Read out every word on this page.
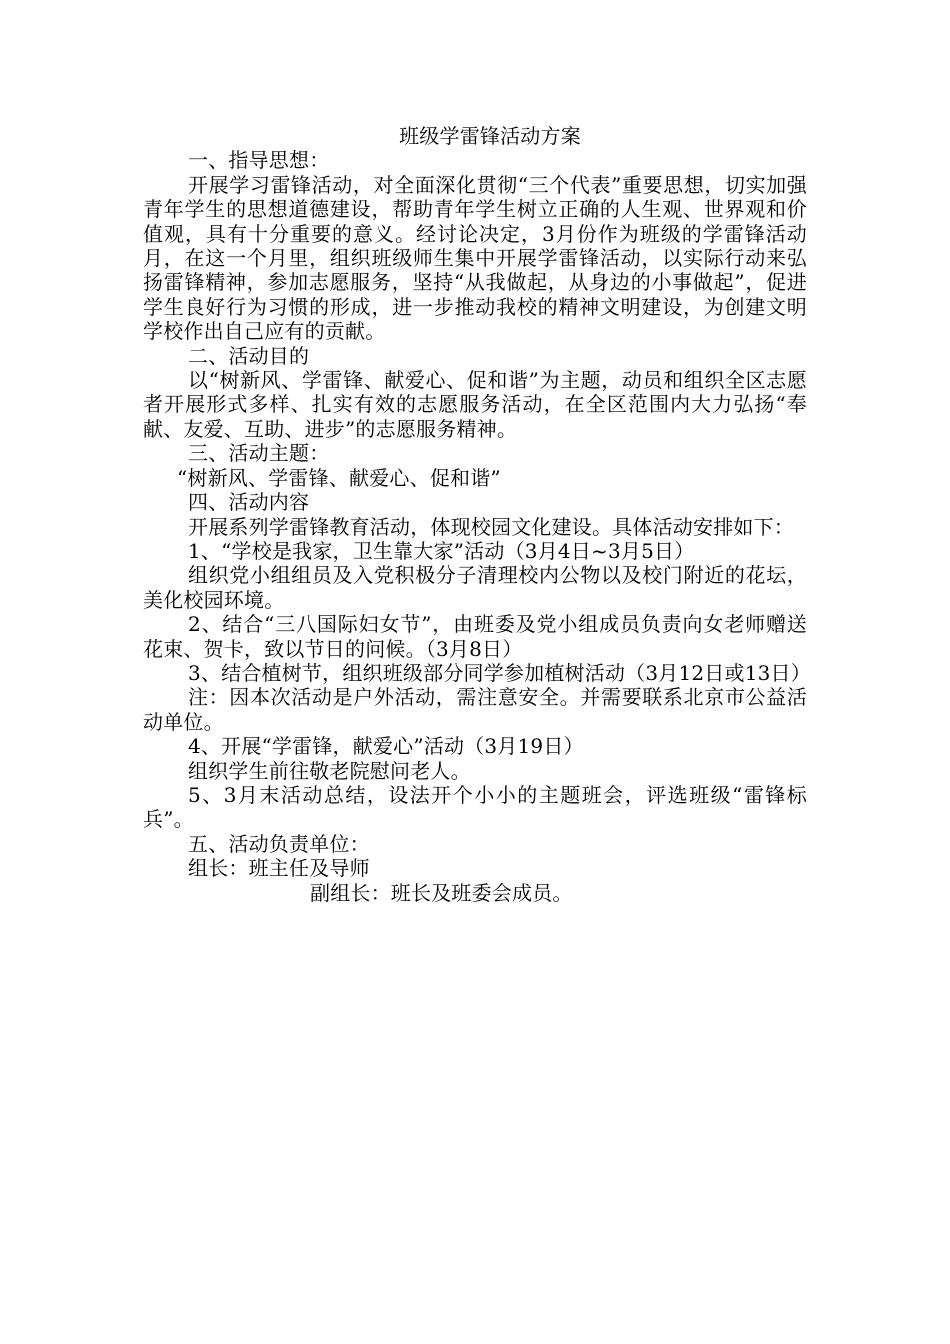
班级学雷锋活动方案

一、指导思想：

开展学习雷锋活动，对全面深化贯彻“三个代表”重要思想，切实加强青年学生的思想道德建设，帮助青年学生树立正确的人生观、世界观和价值观，具有十分重要的意义。经讨论决定，3月份作为班级的学雷锋活动月，在这一个月里，组织班级师生集中开展学雷锋活动，以实际行动来弘扬雷锋精神，参加志愿服务，坚持“从我做起，从身边的小事做起”，促进学生良好行为习惯的形成，进一步推动我校的精神文明建设，为创建文明学校作出自己应有的贡献。

二、活动目的

以“树新风、学雷锋、献爱心、促和谐”为主题，动员和组织全区志愿者开展形式多样、扎实有效的志愿服务活动，在全区范围内大力弘扬“奉献、友爱、互助、进步”的志愿服务精神。

三、活动主题：

“树新风、学雷锋、献爱心、促和谐”

四、活动内容

开展系列学雷锋教育活动，体现校园文化建设。具体活动安排如下：

1、“学校是我家，卫生靠大家”活动（3月4日~3月5日）

组织党小组组员及入党积极分子清理校内公物以及校门附近的花坛，美化校园环境。

2、结合“三八国际妇女节”，由班委及党小组成员负责向女老师赠送花束、贺卡，致以节日的问候。（3月8日）

3、结合植树节，组织班级部分同学参加植树活动（3月12日或13日）

注：因本次活动是户外活动，需注意安全。并需要联系北京市公益活动单位。

4、开展“学雷锋，献爱心”活动（3月19日）

组织学生前往敬老院慰问老人。

5、3月末活动总结，设法开个小小的主题班会，评选班级“雷锋标兵”。

五、活动负责单位：

组长：班主任及导师

副组长：班长及班委会成员。
